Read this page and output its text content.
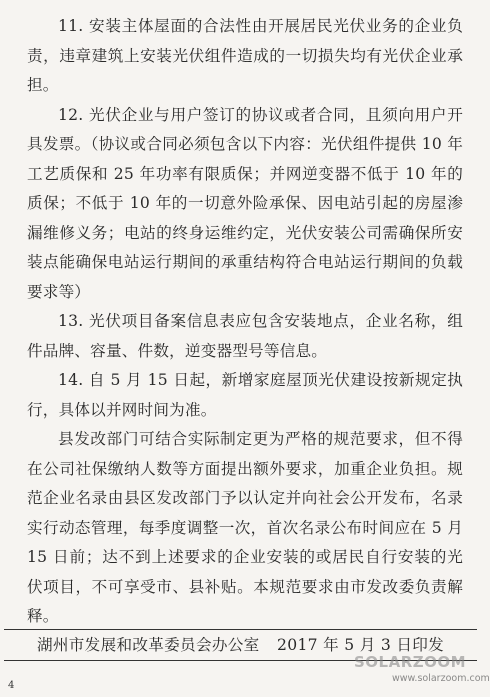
11. 安装主体屋面的合法性由开展居民光伏业务的企业负责，违章建筑上安装光伏组件造成的一切损失均有光伏企业承担。

12. 光伏企业与用户签订的协议或者合同，且须向用户开具发票。（协议或合同必须包含以下内容：光伏组件提供 10 年工艺质保和 25 年功率有限质保；并网逆变器不低于 10 年的质保；不低于 10 年的一切意外险承保、因电站引起的房屋渗漏维修义务；电站的终身运维约定，光伏安装公司需确保所安装点能确保电站运行期间的承重结构符合电站运行期间的负载要求等）

13. 光伏项目备案信息表应包含安装地点，企业名称，组件品牌、容量、件数，逆变器型号等信息。

14. 自 5 月 15 日起，新增家庭屋顶光伏建设按新规定执行，具体以并网时间为准。

县发改部门可结合实际制定更为严格的规范要求，但不得在公司社保缴纳人数等方面提出额外要求，加重企业负担。规范企业名录由县区发改部门予以认定并向社会公开发布，名录实行动态管理，每季度调整一次，首次名录公布时间应在 5 月 15 日前；达不到上述要求的企业安装的或居民自行安装的光伏项目，不可享受市、县补贴。本规范要求由市发改委负责解释。

湖州市发展和改革委员会办公室 2017 年 5 月 3 日印发
4
SOLARZOOM
www.solarzoom.com
